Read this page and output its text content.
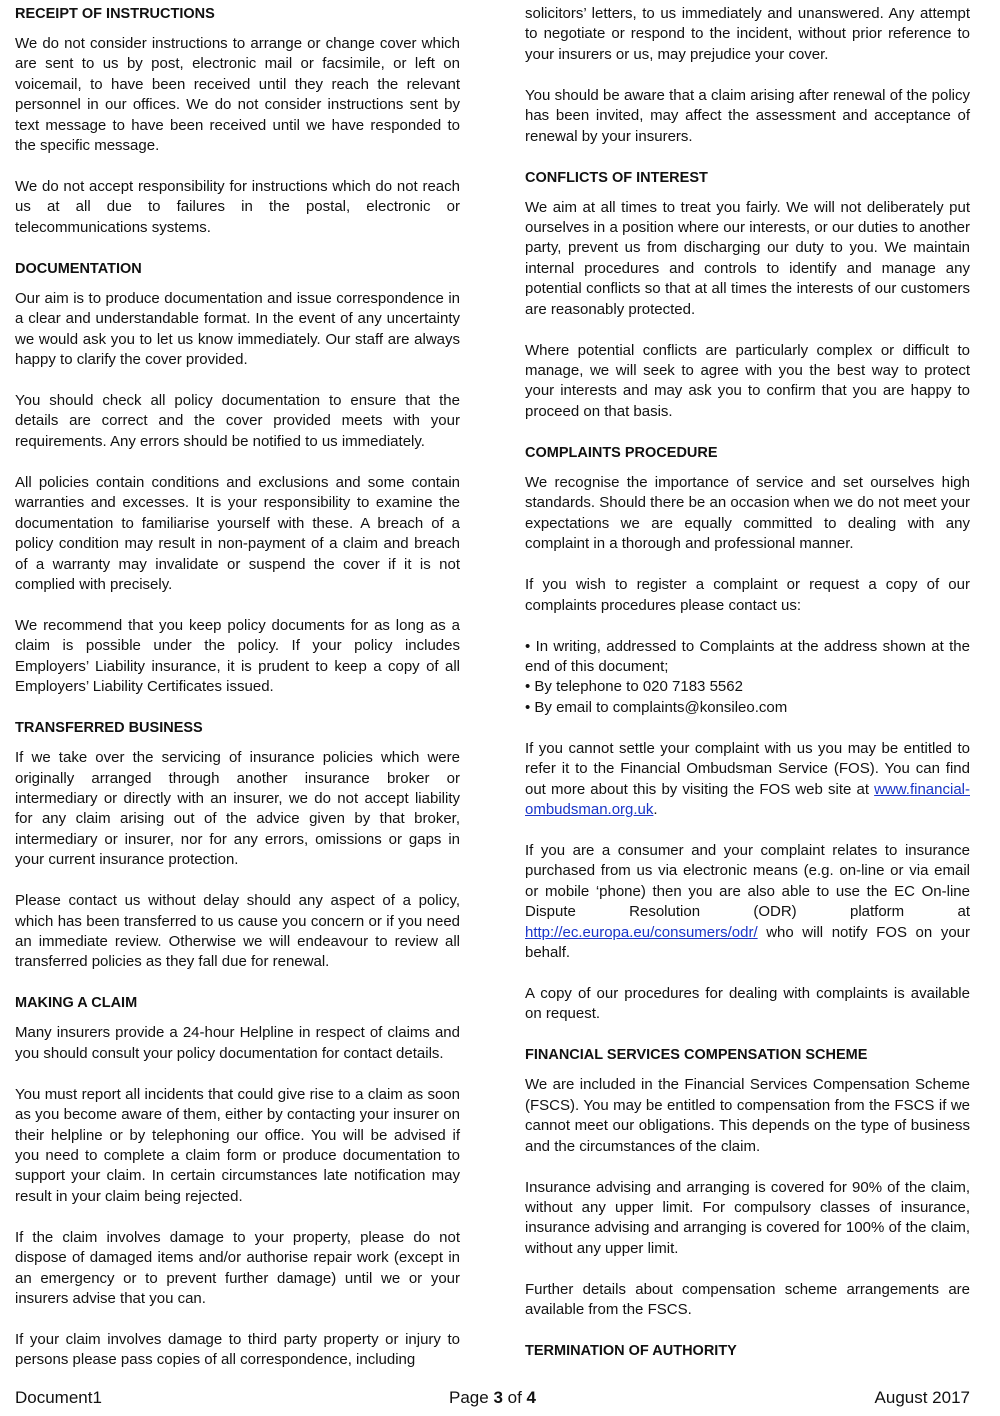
RECEIPT OF INSTRUCTIONS

We do not consider instructions to arrange or change cover which are sent to us by post, electronic mail or facsimile, or left on voicemail, to have been received until they reach the relevant personnel in our offices. We do not consider instructions sent by text message to have been received until we have responded to the specific message.

We do not accept responsibility for instructions which do not reach us at all due to failures in the postal, electronic or telecommunications systems.

DOCUMENTATION

Our aim is to produce documentation and issue correspondence in a clear and understandable format. In the event of any uncertainty we would ask you to let us know immediately. Our staff are always happy to clarify the cover provided.

You should check all policy documentation to ensure that the details are correct and the cover provided meets with your requirements. Any errors should be notified to us immediately.

All policies contain conditions and exclusions and some contain warranties and excesses. It is your responsibility to examine the documentation to familiarise yourself with these. A breach of a policy condition may result in non-payment of a claim and breach of a warranty may invalidate or suspend the cover if it is not complied with precisely.

We recommend that you keep policy documents for as long as a claim is possible under the policy. If your policy includes Employers’ Liability insurance, it is prudent to keep a copy of all Employers’ Liability Certificates issued.

TRANSFERRED BUSINESS

If we take over the servicing of insurance policies which were originally arranged through another insurance broker or intermediary or directly with an insurer, we do not accept liability for any claim arising out of the advice given by that broker, intermediary or insurer, nor for any errors, omissions or gaps in your current insurance protection.

Please contact us without delay should any aspect of a policy, which has been transferred to us cause you concern or if you need an immediate review. Otherwise we will endeavour to review all transferred policies as they fall due for renewal.

MAKING A CLAIM

Many insurers provide a 24-hour Helpline in respect of claims and you should consult your policy documentation for contact details.

You must report all incidents that could give rise to a claim as soon as you become aware of them, either by contacting your insurer on their helpline or by telephoning our office. You will be advised if you need to complete a claim form or produce documentation to support your claim. In certain circumstances late notification may result in your claim being rejected.

If the claim involves damage to your property, please do not dispose of damaged items and/or authorise repair work (except in an emergency or to prevent further damage) until we or your insurers advise that you can.

If your claim involves damage to third party property or injury to persons please pass copies of all correspondence, including

solicitors’ letters, to us immediately and unanswered. Any attempt to negotiate or respond to the incident, without prior reference to your insurers or us, may prejudice your cover.

You should be aware that a claim arising after renewal of the policy has been invited, may affect the assessment and acceptance of renewal by your insurers.

CONFLICTS OF INTEREST

We aim at all times to treat you fairly. We will not deliberately put ourselves in a position where our interests, or our duties to another party, prevent us from discharging our duty to you. We maintain internal procedures and controls to identify and manage any potential conflicts so that at all times the interests of our customers are reasonably protected.

Where potential conflicts are particularly complex or difficult to manage, we will seek to agree with you the best way to protect your interests and may ask you to confirm that you are happy to proceed on that basis.

COMPLAINTS PROCEDURE

We recognise the importance of service and set ourselves high standards. Should there be an occasion when we do not meet your expectations we are equally committed to dealing with any complaint in a thorough and professional manner.

If you wish to register a complaint or request a copy of our complaints procedures please contact us:

• In writing, addressed to Complaints at the address shown at the end of this document;
• By telephone to 020 7183 5562
• By email to complaints@konsileo.com

If you cannot settle your complaint with us you may be entitled to refer it to the Financial Ombudsman Service (FOS). You can find out more about this by visiting the FOS web site at www.financial-ombudsman.org.uk.

If you are a consumer and your complaint relates to insurance purchased from us via electronic means (e.g. on-line or via email or mobile ‘phone) then you are also able to use the EC On-line Dispute Resolution (ODR) platform at http://ec.europa.eu/consumers/odr/ who will notify FOS on your behalf.

A copy of our procedures for dealing with complaints is available on request.

FINANCIAL SERVICES COMPENSATION SCHEME

We are included in the Financial Services Compensation Scheme (FSCS). You may be entitled to compensation from the FSCS if we cannot meet our obligations. This depends on the type of business and the circumstances of the claim.

Insurance advising and arranging is covered for 90% of the claim, without any upper limit. For compulsory classes of insurance, insurance advising and arranging is covered for 100% of the claim, without any upper limit.

Further details about compensation scheme arrangements are available from the FSCS.

TERMINATION OF AUTHORITY
Document1	Page 3 of 4	August 2017
